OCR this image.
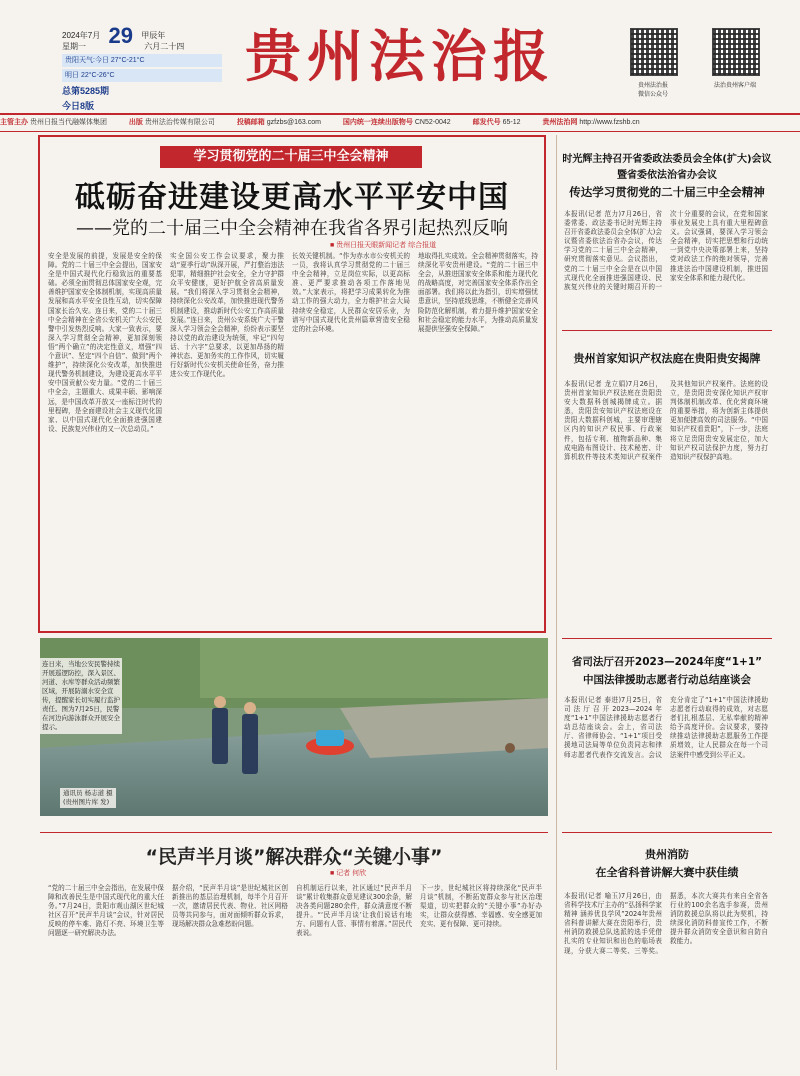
2024年7月 29 甲辰年
星期一	六月二十四
贵阳天气:今日 27°C-21°C
明日 22°C-26°C
总第5285期
今日8版
贵州法治报	贵州法治报
微信公众号
法治贵州客户端
主管主办 贵州日报当代融媒体集团	出版 贵州法治传媒有限公司	投稿邮箱 gzfzbs@163.com	国内统一连续出版物号 CN52-0042	邮发代号 65-12	贵州法治网 http://www.fzshb.cn
学习贯彻党的二十届三中全会精神
砥砺奋进建设更高水平平安中国
——党的二十届三中全会精神在我省各界引起热烈反响
■ 贵州日报天眼新闻记者 综合报道
安全是发展的前提，发展是安全的保障。党的二十届三中全会提出，国家安全是中国式现代化行稳致远的重要基础。必须全面贯彻总体国家安全观，完善维护国家安全体制机制，实现高质量发展和高水平安全良性互动，切实保障国家长治久安。连日来，党的二十届三中全会精神在全省公安机关广大公安民警中引发热烈反响。大家一致表示，要深入学习贯彻全会精神，更加深刻领悟“两个确立”的决定性意义，增强“四个意识”、坚定“四个自信”、做到“两个维护”，持续深化公安改革，加快推进现代警务机制建设，为建设更高水平平安中国贡献公安力量。“党的二十届三中全会，主题重大、成果丰硕、影响深远，是中国改革开放又一座标注时代的里程碑，是全面建设社会主义现代化国家、以中国式现代化全面推进强国建设、民族复兴伟业的又一次总动员。”
实全国公安工作会议要求，聚力推动“夏季行动”纵深开展，严打整治违法犯罪，精细推护社会安全，全力守护群众平安健康，更好护航全省高质量发展。“我们将深入学习贯彻全会精神，持续深化公安改革，加快推进现代警务机制建设，推动新时代公安工作高质量发展。”连日来，贵州公安系统广大干警深入学习领会全会精神，纷纷表示要坚持以党的政治建设为统领，牢记“四句话、十六字”总要求，以更加昂扬的精神状态、更加务实的工作作风，切实履行好新时代公安机关使命任务，奋力推进公安工作现代化。
长效关键机制。“作为赤水市公安机关的一员，我将认真学习贯彻党的二十届三中全会精神，立足岗位实际，以更高标准、更严要求推动各项工作落地见效。”大家表示，将把学习成果转化为推动工作的强大动力，全力维护社会大局持续安全稳定，人民群众安居乐业，为谱写中国式现代化贵州篇章营造安全稳定的社会环境。
地取得扎实成效。全会精神贯彻落实，持续深化平安贵州建设。“党的二十届三中全会，从推进国家安全体系和能力现代化的战略高度，对完善国家安全体系作出全面部署。我们将以此为指引，切实增强忧患意识，坚持底线思维，不断健全完善风险防范化解机制，着力提升维护国家安全和社会稳定的能力水平，为推动高质量发展提供坚强安全保障。”
连日来，当地公安民警持续开展巡逻防控，深入景区、河道、水库等群众活动频繁区域，开展防溺水安全宣传，提醒家长切实履行监护责任。图为7月25日，民警在河边向游泳群众开展安全提示。
通讯员 杨志道 摄
(贵州图片库 发)
“民声半月谈”解决群众“关键小事”
■ 记者 何欣
“党的二十届三中全会指出，在发展中保障和改善民生是中国式现代化的重大任务。”7月24日，贵阳市观山湖区世纪城社区召开“民声半月谈”会议，针对居民反映的停车难、路灯不亮、环境卫生等问题逐一研究解决办法。
据介绍，“民声半月谈”是世纪城社区创新推出的基层治理机制，每半个月召开一次，邀请居民代表、物业、社区网格员等共同参与，面对面倾听群众诉求，现场解决群众急难愁盼问题。
自机制运行以来，社区通过“民声半月谈”累计收集群众意见建议300余条，解决各类问题280余件，群众满意度不断提升。“‘民声半月谈’让我们说话有地方、问题有人管、事情有着落。”居民代表说。
下一步，世纪城社区将持续深化“民声半月谈”机制，不断拓宽群众参与社区治理渠道，切实把群众的“关键小事”办好办实，让群众获得感、幸福感、安全感更加充实、更有保障、更可持续。
时光辉主持召开省委政法委员会全体(扩大)会议
暨省委依法治省办会议
传达学习贯彻党的二十届三中全会精神
本报讯(记者 范力)7月26日，省委常委、政法委书记时光辉主持召开省委政法委员会全体(扩大)会议暨省委依法治省办会议，传达学习党的二十届三中全会精神，研究贯彻落实意见。会议指出，党的二十届三中全会是在以中国式现代化全面推进强国建设、民族复兴伟业的关键时期召开的一次十分重要的会议，在党和国家事业发展史上具有重大里程碑意义。会议强调，要深入学习领会全会精神，切实把思想和行动统一到党中央决策部署上来，坚持党对政法工作的绝对领导，完善推进法治中国建设机制，推进国家安全体系和能力现代化。
贵州首家知识产权法庭在贵阳贵安揭牌
本报讯(记者 龙立娟)7月26日，贵州首家知识产权法庭在贵阳贵安大数据科创城揭牌成立。据悉，贵阳贵安知识产权法庭设在贵阳大数据科创城，主要审理辖区内的知识产权民事、行政案件，包括专利、植物新品种、集成电路布图设计、技术秘密、计算机软件等技术类知识产权案件及其他知识产权案件。法庭的设立，是贵阳贵安深化知识产权审判体制机制改革、优化营商环境的重要举措，将为创新主体提供更加便捷高效的司法服务。“中国知识产权看贵阳”，下一步，法庭将立足贵阳贵安发展定位，加大知识产权司法保护力度，努力打造知识产权保护高地。
省司法厅召开2023—2024年度“1+1”
中国法律援助志愿者行动总结座谈会
本报讯(记者 泰进)7月25日，省司法厅召开2023—2024年度“1+1”中国法律援助志愿者行动总结座谈会。会上，省司法厅、省律师协会、“1+1”项目受援地司法局等单位负责同志和律师志愿者代表作交流发言。会议充分肯定了“1+1”中国法律援助志愿者行动取得的成效，对志愿者们扎根基层、无私奉献的精神给予高度评价。会议要求，要持续推动法律援助志愿服务工作提质增效，让人民群众在每一个司法案件中感受到公平正义。
贵州消防
在全省科普讲解大赛中获佳绩
本报讯(记者 喻玉)7月26日，由省科学技术厅主办的“弘扬科学家精神 涵养优良学风”2024年贵州省科普讲解大赛在贵阳举行，贵州消防救援总队选派的选手凭借扎实的专业知识和出色的临场表现，分获大赛二等奖、三等奖。据悉，本次大赛共有来自全省各行业的100余名选手参赛，贵州消防救援总队将以此为契机，持续深化消防科普宣传工作，不断提升群众消防安全意识和自防自救能力。
